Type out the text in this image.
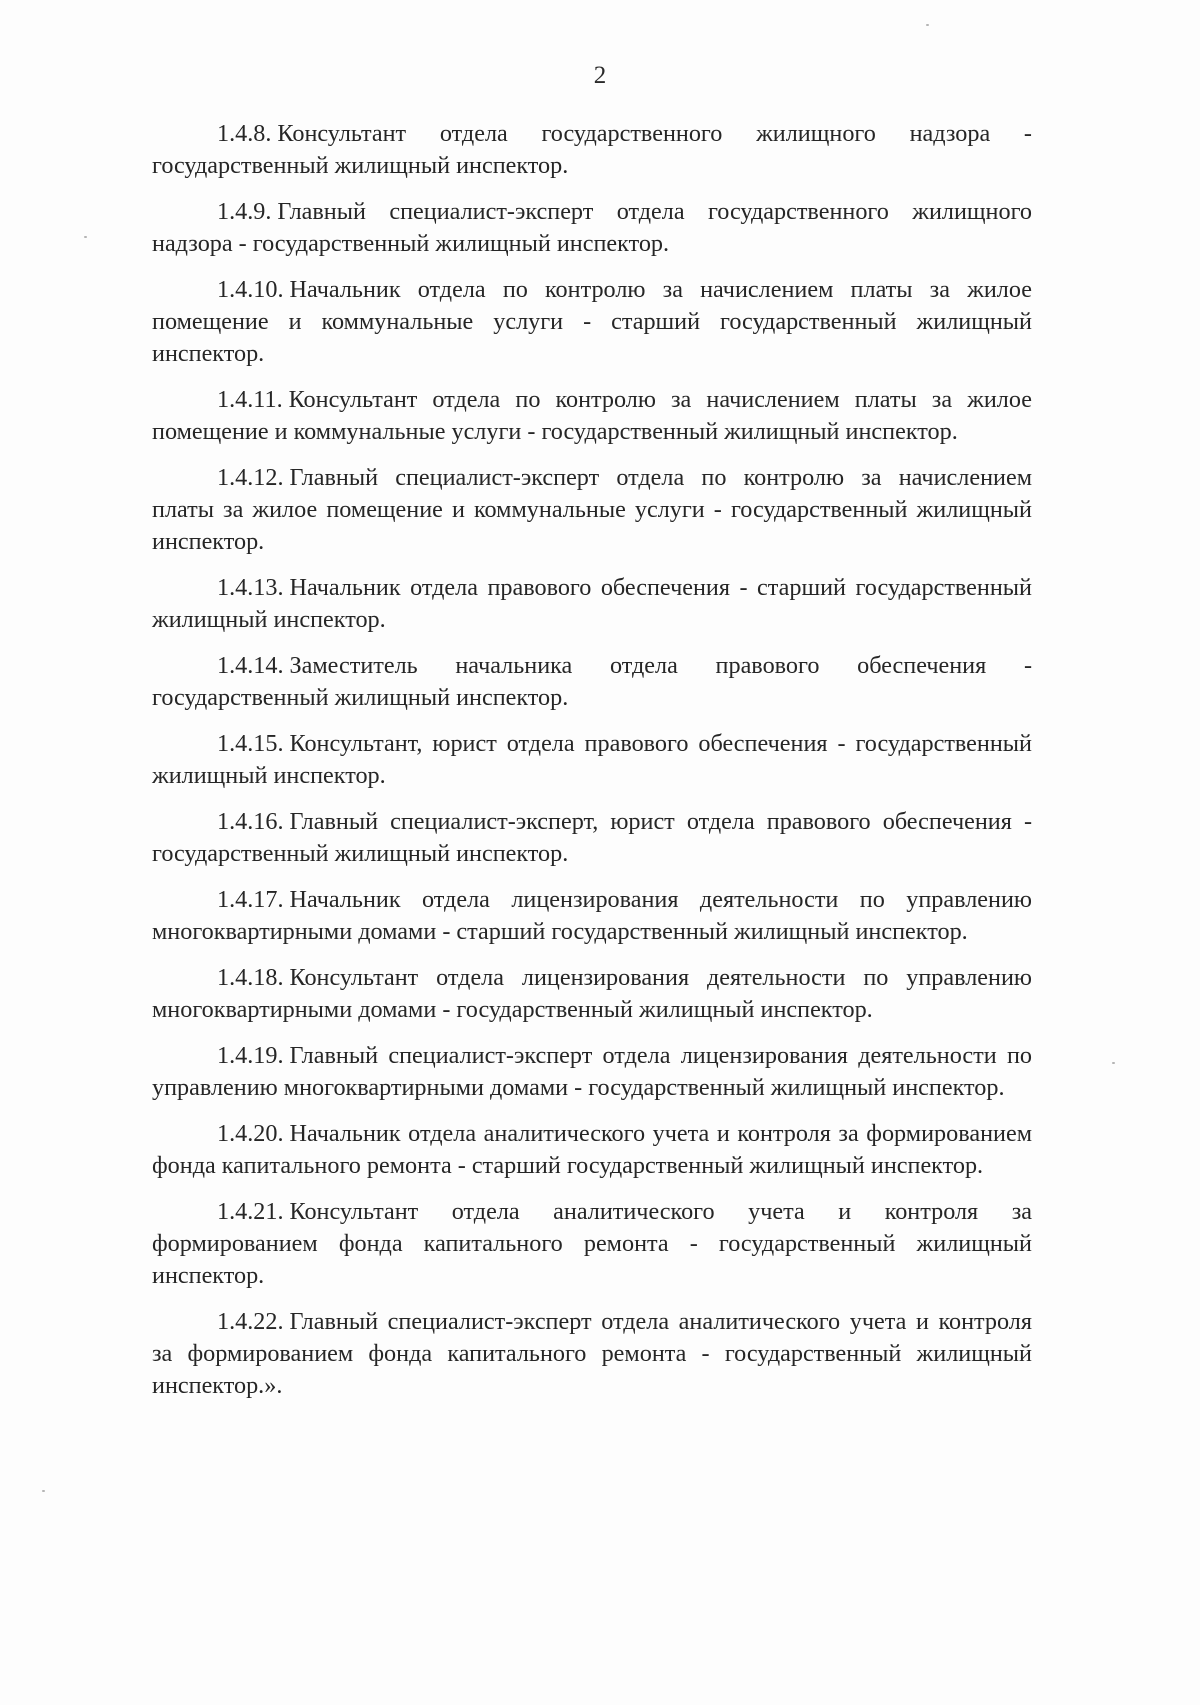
2

1.4.8. Консультант отдела государственного жилищного надзора - государственный жилищный инспектор.

1.4.9. Главный специалист-эксперт отдела государственного жилищного надзора - государственный жилищный инспектор.

1.4.10. Начальник отдела по контролю за начислением платы за жилое помещение и коммунальные услуги - старший государственный жилищный инспектор.

1.4.11. Консультант отдела по контролю за начислением платы за жилое помещение и коммунальные услуги - государственный жилищный инспектор.

1.4.12. Главный специалист-эксперт отдела по контролю за начислением платы за жилое помещение и коммунальные услуги - государственный жилищный инспектор.

1.4.13. Начальник отдела правового обеспечения - старший государственный жилищный инспектор.

1.4.14. Заместитель начальника отдела правового обеспечения - государственный жилищный инспектор.

1.4.15. Консультант, юрист отдела правового обеспечения - государственный жилищный инспектор.

1.4.16. Главный специалист-эксперт, юрист отдела правового обеспечения - государственный жилищный инспектор.

1.4.17. Начальник отдела лицензирования деятельности по управлению многоквартирными домами - старший государственный жилищный инспектор.

1.4.18. Консультант отдела лицензирования деятельности по управлению многоквартирными домами - государственный жилищный инспектор.

1.4.19. Главный специалист-эксперт отдела лицензирования деятельности по управлению многоквартирными домами - государственный жилищный инспектор.

1.4.20. Начальник отдела аналитического учета и контроля за формированием фонда капитального ремонта - старший государственный жилищный инспектор.

1.4.21. Консультант отдела аналитического учета и контроля за формированием фонда капитального ремонта - государственный жилищный инспектор.

1.4.22. Главный специалист-эксперт отдела аналитического учета и контроля за формированием фонда капитального ремонта - государственный жилищный инспектор.».
